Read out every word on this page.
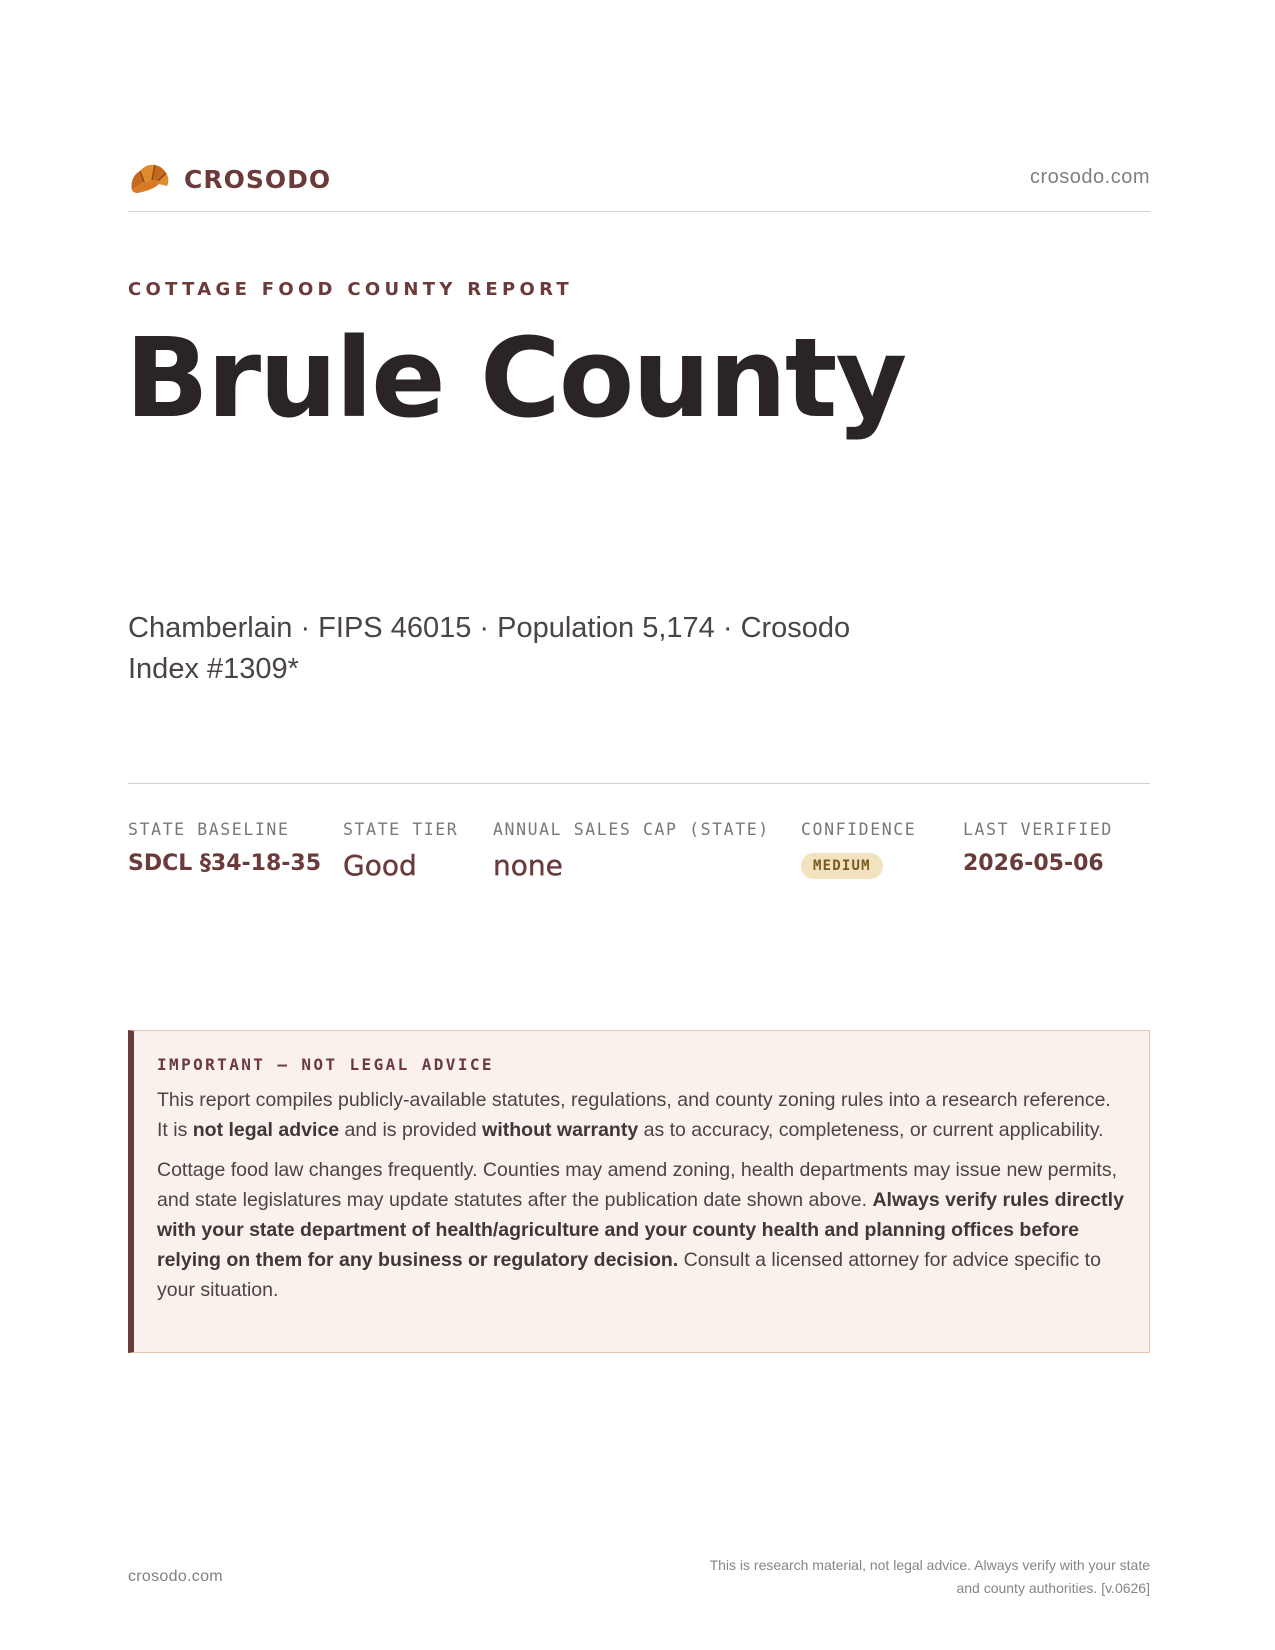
CROSODO	crosodo.com
COTTAGE FOOD COUNTY REPORT
Brule County

Chamberlain · FIPS 46015 · Population 5,174 · Crosodo Index #1309*

STATE BASELINE
SDCL §34-18-35
STATE TIER
Good
ANNUAL SALES CAP (STATE)
none
CONFIDENCE
MEDIUM
LAST VERIFIED
2026-05-06
IMPORTANT — NOT LEGAL ADVICE

This report compiles publicly-available statutes, regulations, and county zoning rules into a research reference. It is not legal advice and is provided without warranty as to accuracy, completeness, or current applicability.

Cottage food law changes frequently. Counties may amend zoning, health departments may issue new permits, and state legislatures may update statutes after the publication date shown above. Always verify rules directly with your state department of health/agriculture and your county health and planning offices before relying on them for any business or regulatory decision. Consult a licensed attorney for advice specific to your situation.

crosodo.com
This is research material, not legal advice. Always verify with your state
and county authorities. [v.0626]
